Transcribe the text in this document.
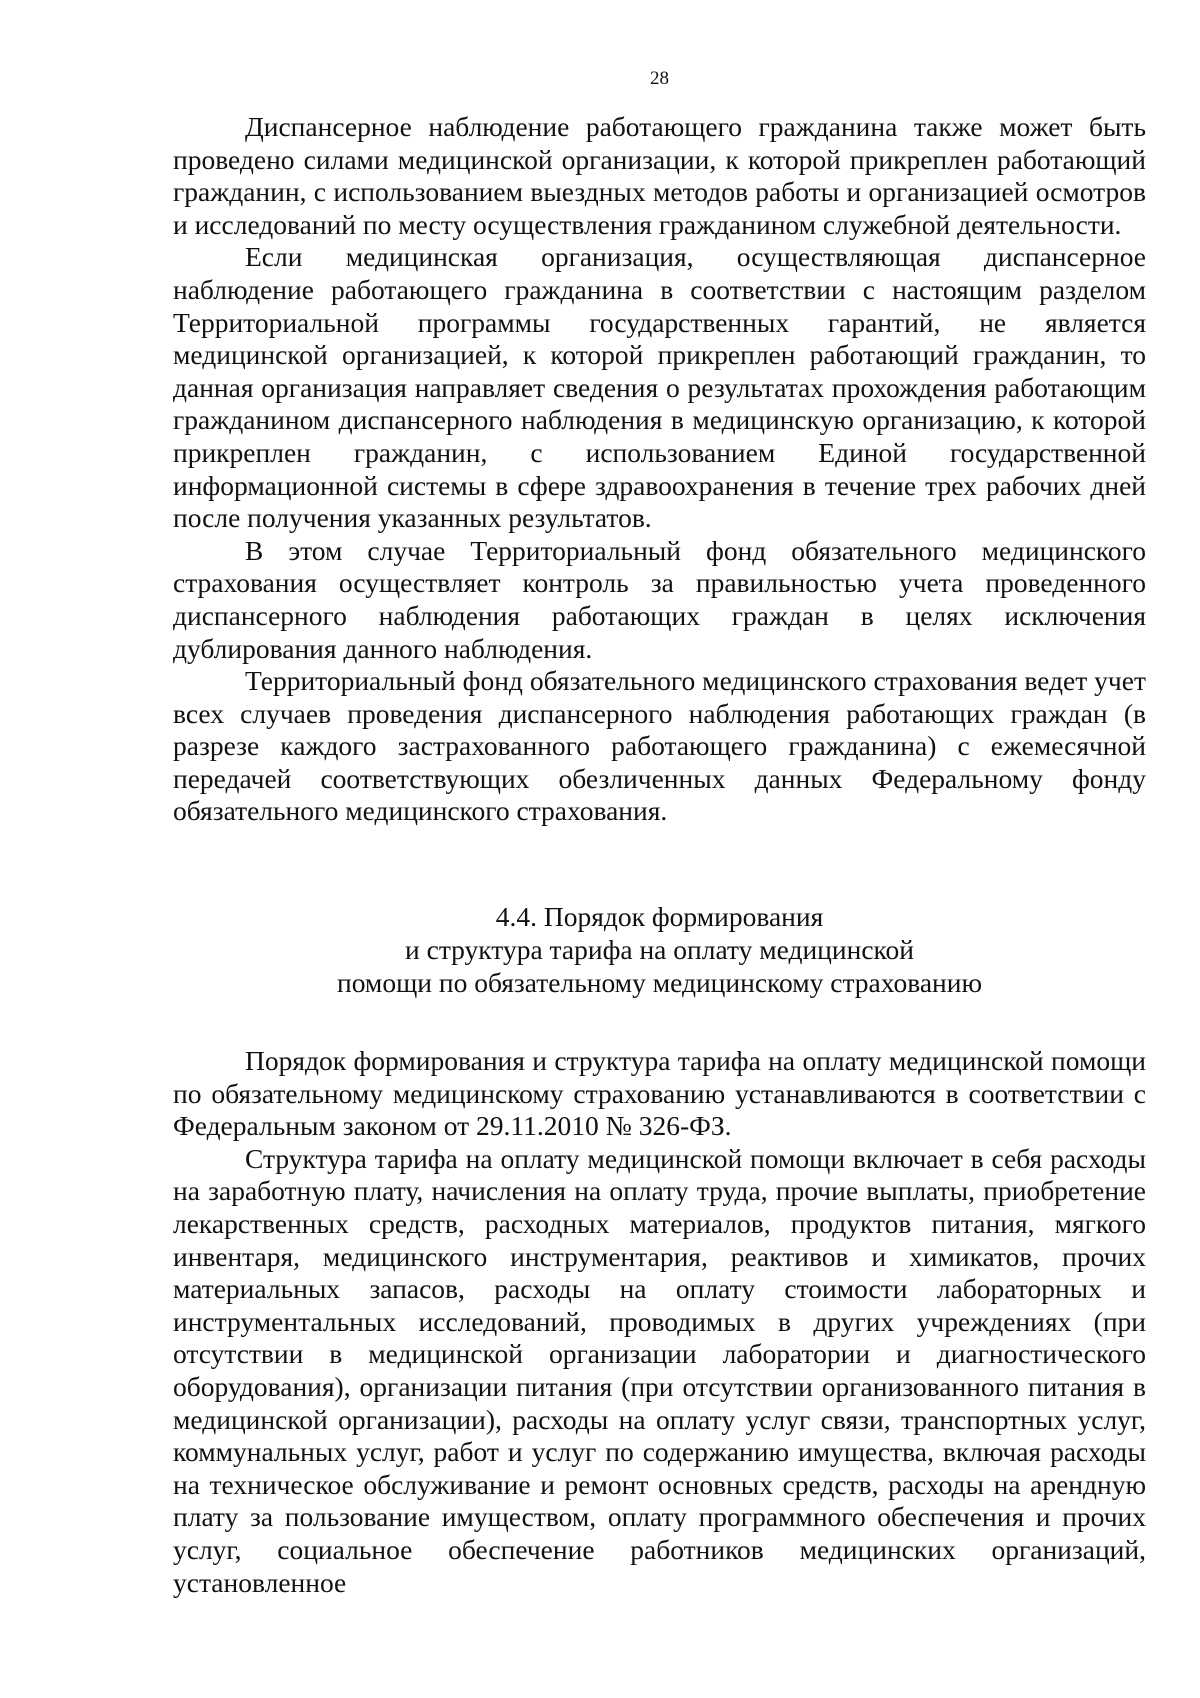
28

Диспансерное наблюдение работающего гражданина также может быть проведено силами медицинской организации, к которой прикреплен работающий гражданин, с использованием выездных методов работы и организацией осмотров и исследований по месту осуществления гражданином служебной деятельности.

Если медицинская организация, осуществляющая диспансерное наблюдение работающего гражданина в соответствии с настоящим разделом Территориальной программы государственных гарантий, не является медицинской организацией, к которой прикреплен работающий гражданин, то данная организация направляет сведения о результатах прохождения работающим гражданином диспансерного наблюдения в медицинскую организацию, к которой прикреплен гражданин, с использованием Единой государственной информационной системы в сфере здравоохранения в течение трех рабочих дней после получения указанных результатов.

В этом случае Территориальный фонд обязательного медицинского страхования осуществляет контроль за правильностью учета проведенного диспансерного наблюдения работающих граждан в целях исключения дублирования данного наблюдения.

Территориальный фонд обязательного медицинского страхования ведет учет всех случаев проведения диспансерного наблюдения работающих граждан (в разрезе каждого застрахованного работающего гражданина) с ежемесячной передачей соответствующих обезличенных данных Федеральному фонду обязательного медицинского страхования.

4.4. Порядок формирования
и структура тарифа на оплату медицинской
помощи по обязательному медицинскому страхованию

Порядок формирования и структура тарифа на оплату медицинской помощи по обязательному медицинскому страхованию устанавливаются в соответствии с Федеральным законом от 29.11.2010 № 326-ФЗ.

Структура тарифа на оплату медицинской помощи включает в себя расходы на заработную плату, начисления на оплату труда, прочие выплаты, приобретение лекарственных средств, расходных материалов, продуктов питания, мягкого инвентаря, медицинского инструментария, реактивов и химикатов, прочих материальных запасов, расходы на оплату стоимости лабораторных и инструментальных исследований, проводимых в других учреждениях (при отсутствии в медицинской организации лаборатории и диагностического оборудования), организации питания (при отсутствии организованного питания в медицинской организации), расходы на оплату услуг связи, транспортных услуг, коммунальных услуг, работ и услуг по содержанию имущества, включая расходы на техническое обслуживание и ремонт основных средств, расходы на арендную плату за пользование имуществом, оплату программного обеспечения и прочих услуг, социальное обеспечение работников медицинских организаций, установленное
